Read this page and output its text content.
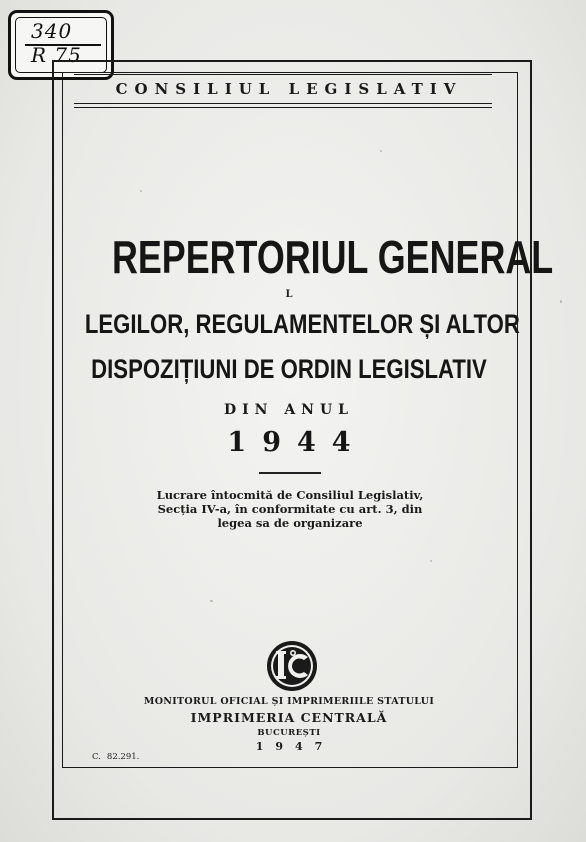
340
R 75
CONSILIUL LEGISLATIV
REPERTORIUL GENERAL
L
LEGILOR, REGULAMENTELOR ȘI ALTOR
DISPOZIȚIUNI DE ORDIN LEGISLATIV
DIN ANUL
1944
Lucrare întocmită de Consiliul Legislativ,
Secția IV-a, în conformitate cu art. 3, din
legea sa de organizare
MONITORUL OFICIAL ȘI IMPRIMERIILE STATULUI
IMPRIMERIA CENTRALĂ
BUCUREȘTI
1947
C. 82.291.
